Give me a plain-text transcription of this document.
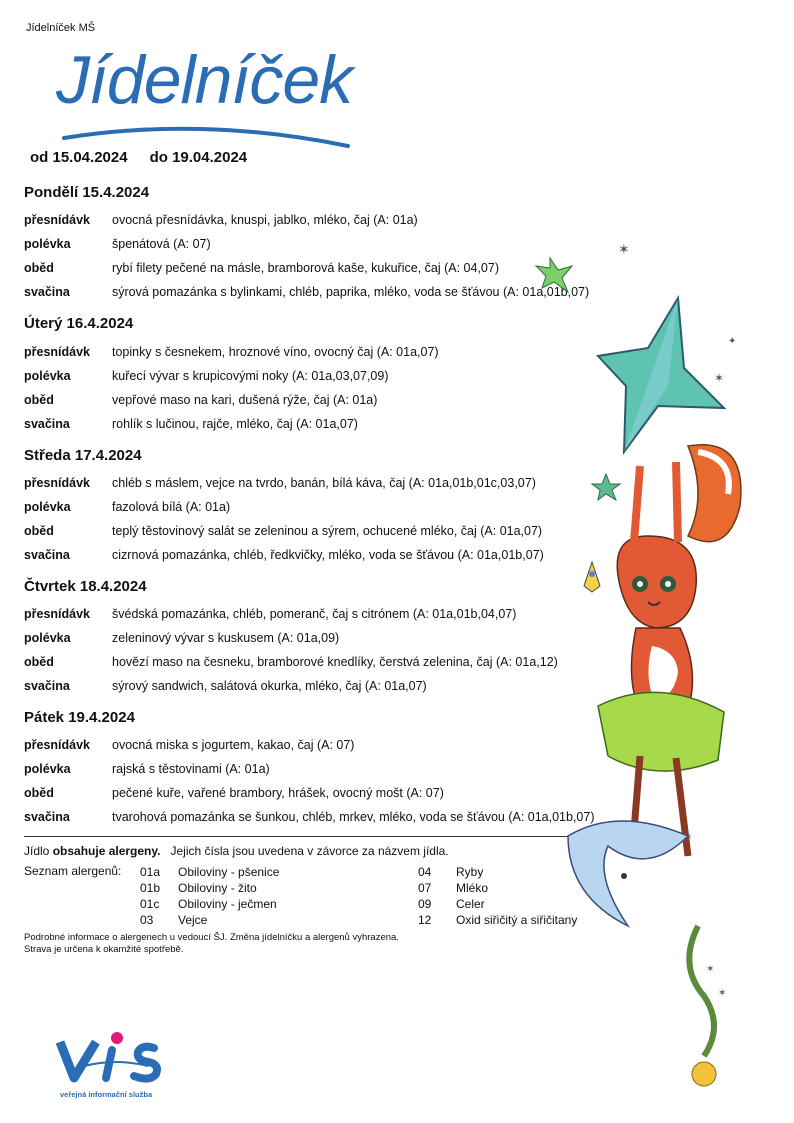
Jídelníček MŠ
Jídelníček
od 15.04.2024 do 19.04.2024
Pondělí 15.4.2024
přesnídávk ovocná přesnídávka, knuspi, jablko, mléko, čaj (A: 01a)
polévka	špenátová (A: 07)
oběd	rybí filety pečené na másle, bramborová kaše, kukuřice, čaj (A: 04,07)
svačina	sýrová pomazánka s bylinkami, chléb, paprika, mléko, voda se šťávou (A: 01a,01b,07)
Úterý 16.4.2024
přesnídávk topinky s česnekem, hroznové víno, ovocný čaj (A: 01a,07)
polévka	kuřecí vývar s krupicovými noky (A: 01a,03,07,09)
oběd	vepřové maso na kari, dušená rýže, čaj (A: 01a)
svačina	rohlík s lučinou, rajče, mléko, čaj (A: 01a,07)
Středa 17.4.2024
přesnídávk chléb s máslem, vejce na tvrdo, banán, bílá káva, čaj (A: 01a,01b,01c,03,07)
polévka	fazolová bílá (A: 01a)
oběd	teplý těstovinový salát se zeleninou a sýrem, ochucené mléko, čaj (A: 01a,07)
svačina	cizrnová pomazánka, chléb, ředkvičky, mléko, voda se šťávou (A: 01a,01b,07)
Čtvrtek 18.4.2024
přesnídávk švédská pomazánka, chléb, pomeranč, čaj s citrónem (A: 01a,01b,04,07)
polévka	zeleninový vývar s kuskusem (A: 01a,09)
oběd	hovězí maso na česneku, bramborové knedlíky, čerstvá zelenina, čaj (A: 01a,12)
svačina	sýrový sandwich, salátová okurka, mléko, čaj (A: 01a,07)
Pátek 19.4.2024
přesnídávk ovocná miska s jogurtem, kakao, čaj (A: 07)
polévka	rajská s těstovinami (A: 01a)
oběd	pečené kuře, vařené brambory, hrášek, ovocný mošt (A: 07)
svačina	tvarohová pomazánka se šunkou, chléb, mrkev, mléko, voda se šťávou (A: 01a,01b,07)
Jídlo obsahuje alergeny.   Jejich čísla jsou uvedena v závorce za názvem jídla.
Seznam alergenů: 01a Obiloviny - pšenice
01b Obiloviny - žito
01c Obiloviny - ječmen
03 Vejce
04 Ryby
07 Mléko
09 Celer
12 Oxid siřičitý a siřičitany
Podrobné informace o alergenech u vedoucí ŠJ. Změna jídelníčku a alergenů vyhrazena.
Strava je určena k okamžité spotřebě.
veřejná informační služba
✶
✶
✦
✶
✶
✶
